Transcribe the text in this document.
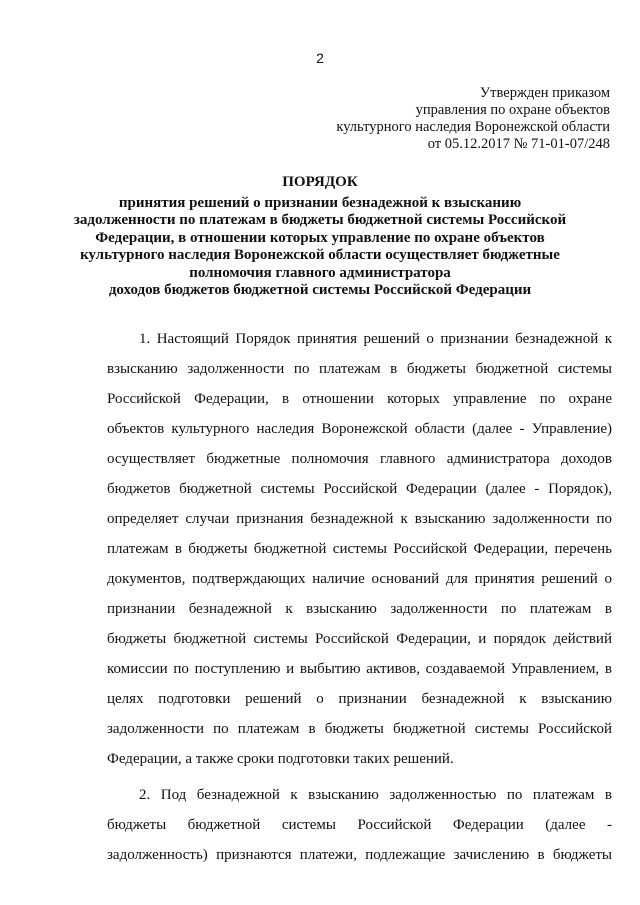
2
Утвержден приказом
управления по охране объектов
культурного наследия Воронежской области
от 05.12.2017 № 71-01-07/248
ПОРЯДОК
принятия решений о признании безнадежной к взысканию
задолженности по платежам в бюджеты бюджетной системы Российской
Федерации, в отношении которых управление по охране объектов
культурного наследия Воронежской области осуществляет бюджетные
полномочия главного администратора
доходов бюджетов бюджетной системы Российской Федерации
1. Настоящий Порядок принятия решений о признании безнадежной к
взысканию задолженности по платежам в бюджеты бюджетной системы
Российской Федерации, в отношении которых управление по охране
объектов культурного наследия Воронежской области (далее - Управление)
осуществляет бюджетные полномочия главного администратора доходов
бюджетов бюджетной системы Российской Федерации (далее - Порядок),
определяет случаи признания безнадежной к взысканию задолженности по
платежам в бюджеты бюджетной системы Российской Федерации, перечень
документов, подтверждающих наличие оснований для принятия решений о
признании безнадежной к взысканию задолженности по платежам в
бюджеты бюджетной системы Российской Федерации, и порядок действий
комиссии по поступлению и выбытию активов, создаваемой Управлением, в
целях подготовки решений о признании безнадежной к взысканию
задолженности по платежам в бюджеты бюджетной системы Российской
Федерации, а также сроки подготовки таких решений.
2. Под безнадежной к взысканию задолженностью по платежам в
бюджеты бюджетной системы Российской Федерации (далее -
задолженность) признаются платежи, подлежащие зачислению в бюджеты
